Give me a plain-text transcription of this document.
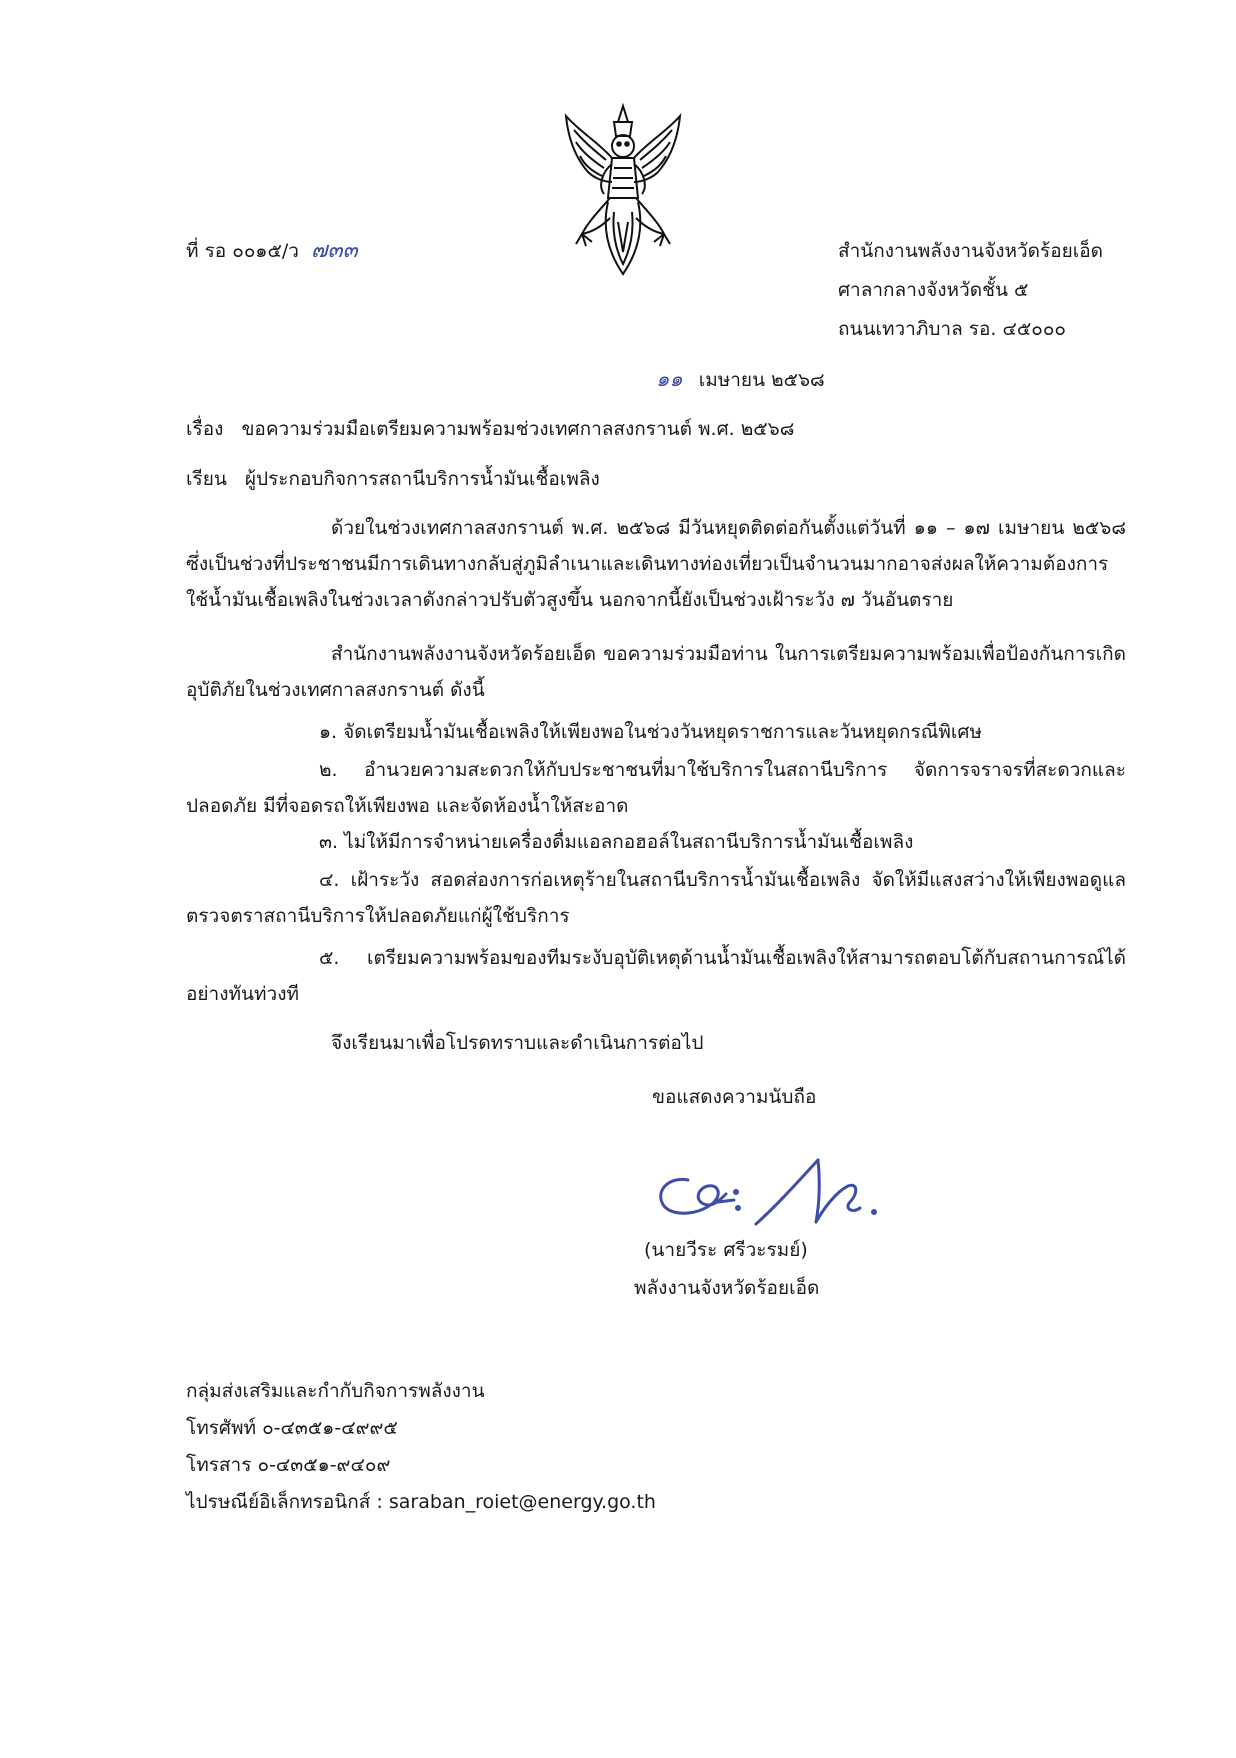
ที่ รอ ๐๐๑๕/ว ๗๓๓	สำนักงานพลังงานจังหวัดร้อยเอ็ด
ศาลากลางจังหวัดชั้น ๕
ถนนเทวาภิบาล รอ. ๔๕๐๐๐
๑๑ เมษายน ๒๕๖๘
เรื่อง ขอความร่วมมือเตรียมความพร้อมช่วงเทศกาลสงกรานต์ พ.ศ. ๒๕๖๘
เรียน ผู้ประกอบกิจการสถานีบริการน้ำมันเชื้อเพลิง
ด้วยในช่วงเทศกาลสงกรานต์ พ.ศ. ๒๕๖๘ มีวันหยุดติดต่อกันตั้งแต่วันที่ ๑๑ – ๑๗ เมษายน ๒๕๖๘ ซึ่งเป็นช่วงที่ประชาชนมีการเดินทางกลับสู่ภูมิลำเนาและเดินทางท่องเที่ยวเป็นจำนวนมากอาจส่งผลให้ความต้องการใช้น้ำมันเชื้อเพลิงในช่วงเวลาดังกล่าวปรับตัวสูงขึ้น นอกจากนี้ยังเป็นช่วงเฝ้าระวัง ๗ วันอันตราย
สำนักงานพลังงานจังหวัดร้อยเอ็ด ขอความร่วมมือท่าน ในการเตรียมความพร้อมเพื่อป้องกันการเกิดอุบัติภัยในช่วงเทศกาลสงกรานต์ ดังนี้
๑. จัดเตรียมน้ำมันเชื้อเพลิงให้เพียงพอในช่วงวันหยุดราชการและวันหยุดกรณีพิเศษ
๒. อำนวยความสะดวกให้กับประชาชนที่มาใช้บริการในสถานีบริการ จัดการจราจรที่สะดวกและปลอดภัย มีที่จอดรถให้เพียงพอ และจัดห้องน้ำให้สะอาด
๓. ไม่ให้มีการจำหน่ายเครื่องดื่มแอลกอฮอล์ในสถานีบริการน้ำมันเชื้อเพลิง
๔. เฝ้าระวัง สอดส่องการก่อเหตุร้ายในสถานีบริการน้ำมันเชื้อเพลิง จัดให้มีแสงสว่างให้เพียงพอดูแลตรวจตราสถานีบริการให้ปลอดภัยแก่ผู้ใช้บริการ
๕. เตรียมความพร้อมของทีมระงับอุบัติเหตุด้านน้ำมันเชื้อเพลิงให้สามารถตอบโต้กับสถานการณ์ได้อย่างทันท่วงที
จึงเรียนมาเพื่อโปรดทราบและดำเนินการต่อไป
ขอแสดงความนับถือ
(นายวีระ ศรีวะรมย์)
พลังงานจังหวัดร้อยเอ็ด
กลุ่มส่งเสริมและกำกับกิจการพลังงาน
โทรศัพท์ ๐-๔๓๕๑-๔๙๙๕
โทรสาร ๐-๔๓๕๑-๙๔๐๙
ไปรษณีย์อิเล็กทรอนิกส์ : saraban_roiet@energy.go.th
